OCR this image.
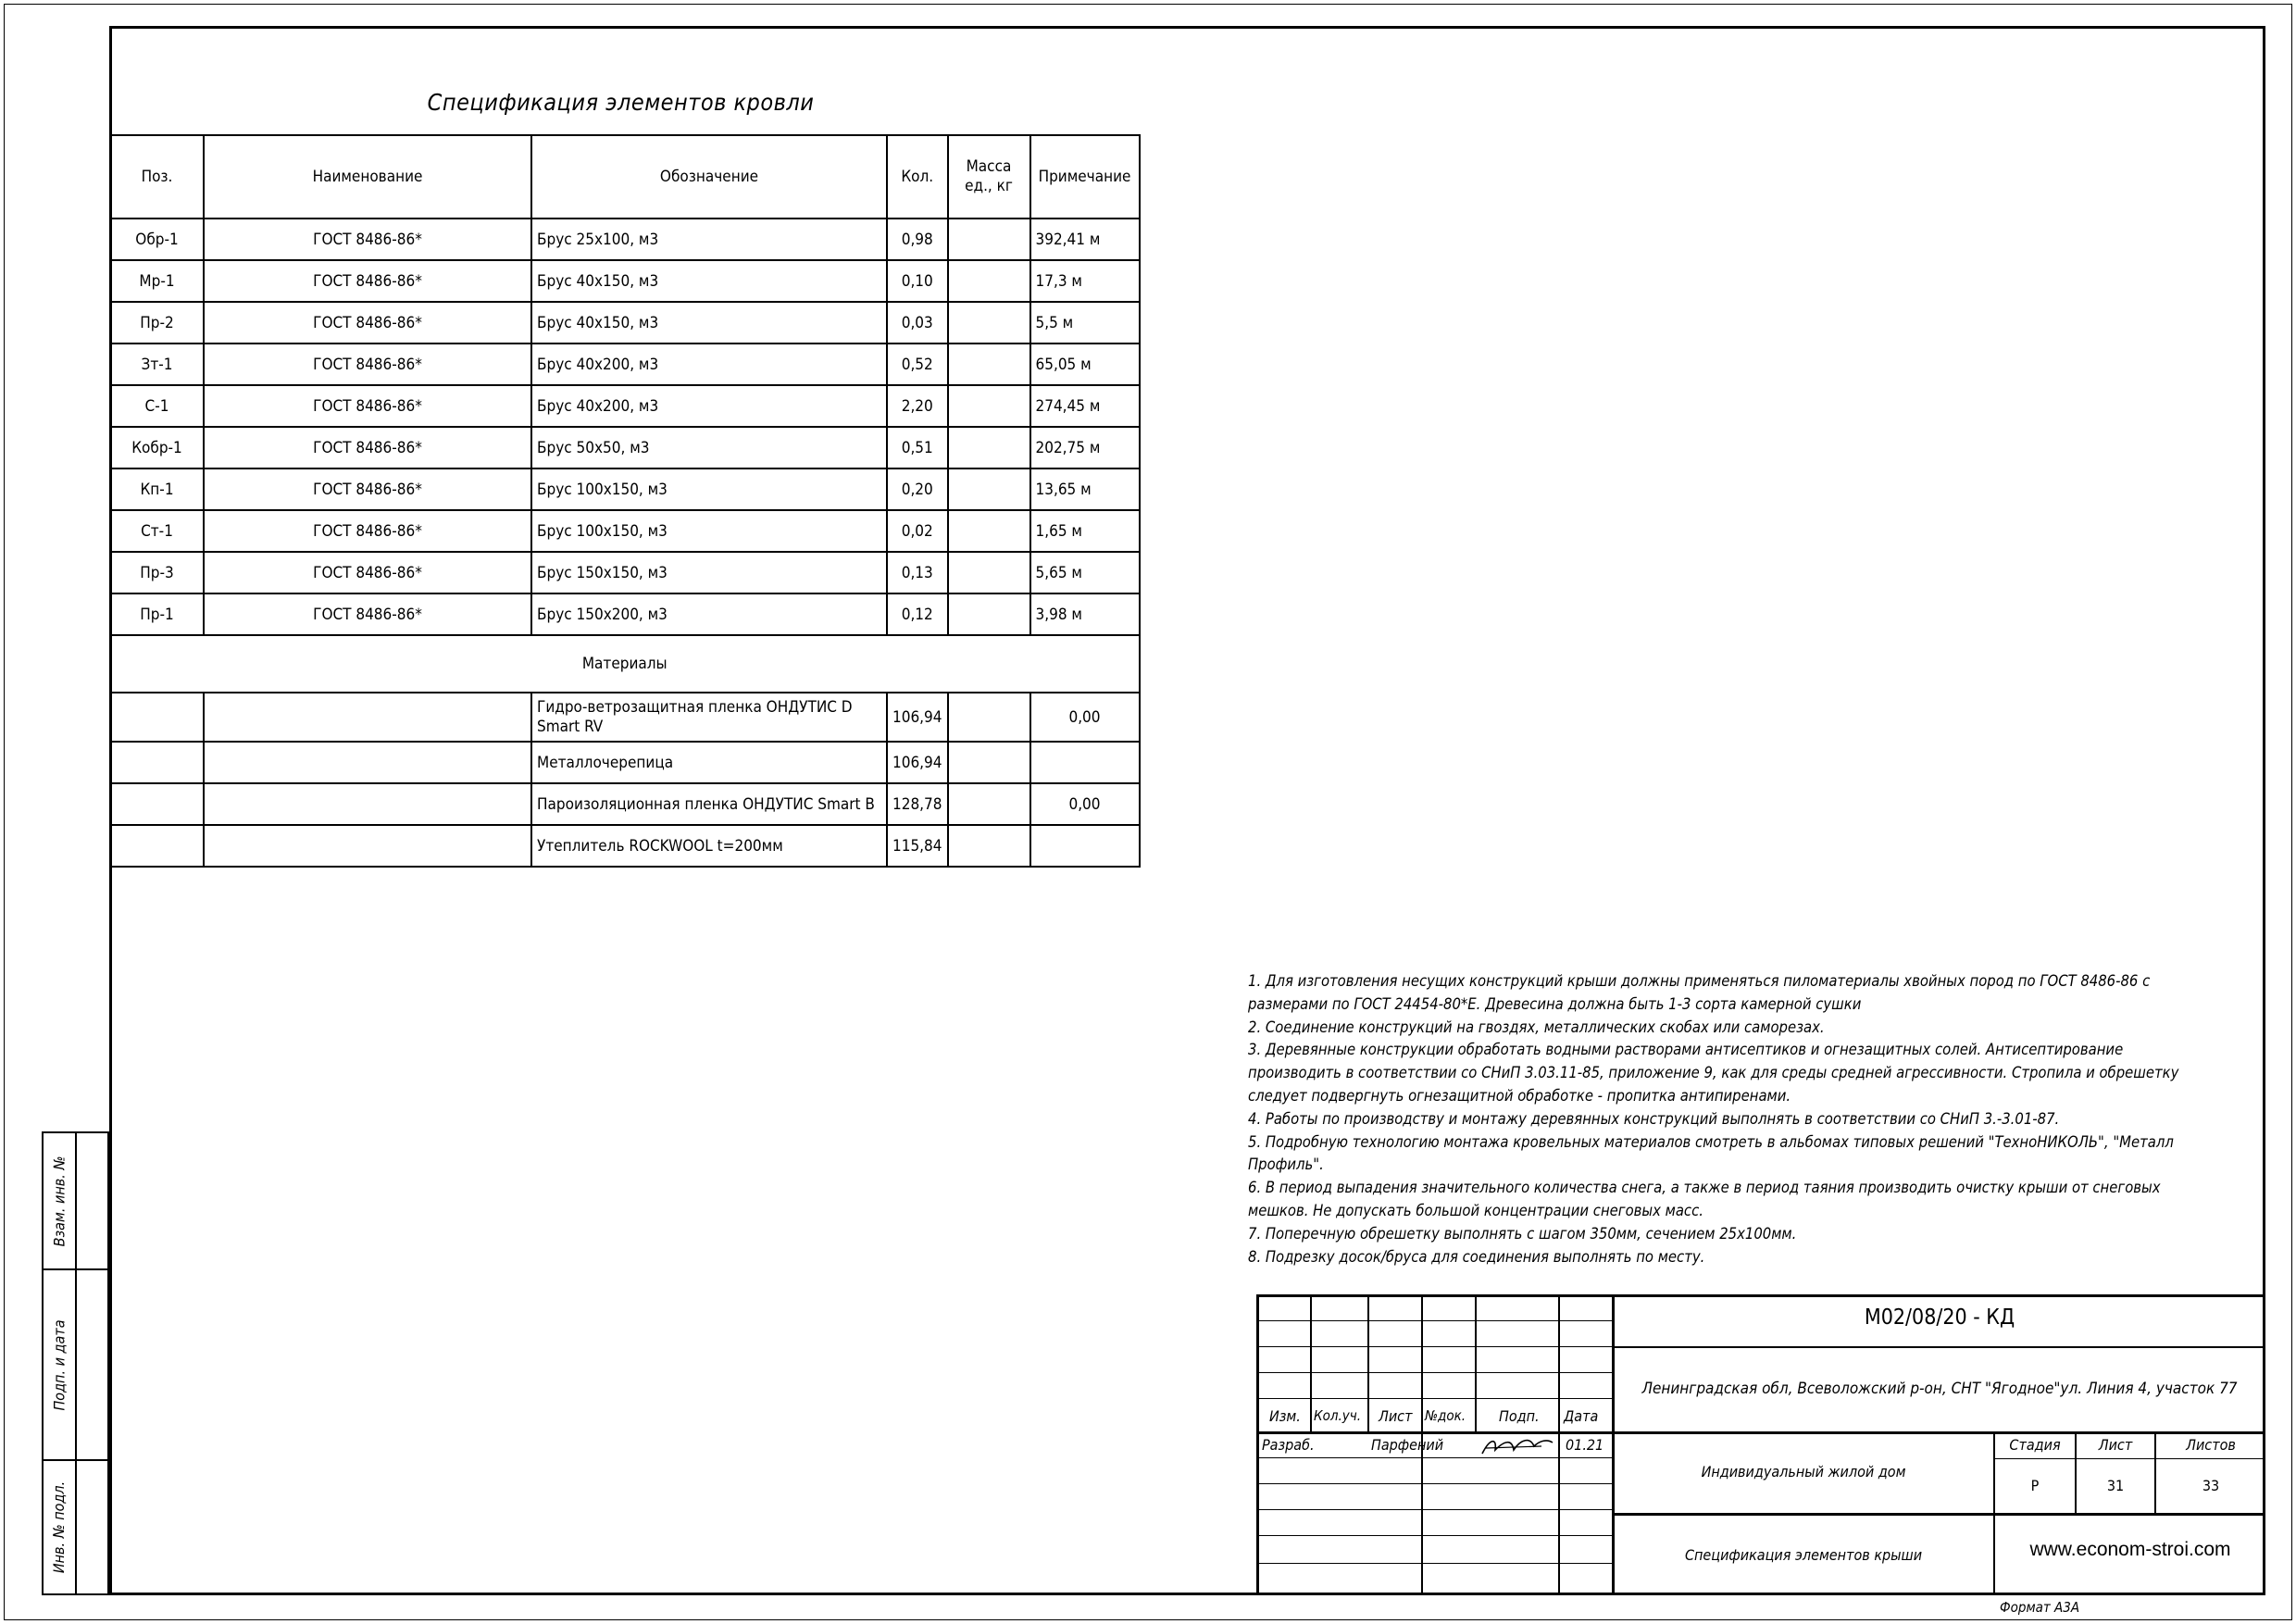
Спецификация элементов кровли
Поз.	Наименование	Обозначение	Кол.	Масса ед., кг	Примечание
Обр-1	ГОСТ 8486-86*	Брус 25х100, м3	0,98		392,41 м
Мр-1	ГОСТ 8486-86*	Брус 40х150, м3	0,10		17,3 м
Пр-2	ГОСТ 8486-86*	Брус 40х150, м3	0,03		5,5 м
Зт-1	ГОСТ 8486-86*	Брус 40х200, м3	0,52		65,05 м
С-1	ГОСТ 8486-86*	Брус 40х200, м3	2,20		274,45 м
Кобр-1	ГОСТ 8486-86*	Брус 50х50, м3	0,51		202,75 м
Кп-1	ГОСТ 8486-86*	Брус 100х150, м3	0,20		13,65 м
Ст-1	ГОСТ 8486-86*	Брус 100х150, м3	0,02		1,65 м
Пр-3	ГОСТ 8486-86*	Брус 150х150, м3	0,13		5,65 м
Пр-1	ГОСТ 8486-86*	Брус 150х200, м3	0,12		3,98 м
Материалы					
		Гидро-ветрозащитная пленка ОНДУТИС D Smart RV	106,94		0,00
		Металлочерепица	106,94		
		Пароизоляционная пленка ОНДУТИС Smart B	128,78		0,00
		Утеплитель ROCKWOOL t=200мм	115,84		
1. Для изготовления несущих конструкций крыши должны применяться пиломатериалы хвойных пород по ГОСТ 8486-86 с
размерами по ГОСТ 24454-80*Е. Древесина должна быть 1-3 сорта камерной сушки
2. Соединение конструкций на гвоздях, металлических скобах или саморезах.
3. Деревянные конструкции обработать водными растворами антисептиков и огнезащитных солей. Антисептирование
производить в соответствии со СНиП 3.03.11-85, приложение 9, как для среды средней агрессивности. Стропила и обрешетку
следует подвергнуть огнезащитной обработке - пропитка антипиренами.
4. Работы по производству и монтажу деревянных конструкций выполнять в соответствии со СНиП 3.-3.01-87.
5. Подробную технологию монтажа кровельных материалов смотреть в альбомах типовых решений "ТехноНИКОЛЬ", "Металл
Профиль".
6. В период выпадения значительного количества снега, а также в период таяния производить очистку крыши от снеговых
мешков. Не допускать большой концентрации снеговых масс.
7. Поперечную обрешетку выполнять с шагом 350мм, сечением 25х100мм.
8. Подрезку досок/бруса для соединения выполнять по месту.
Взам. инв. №
Подп. и дата
Инв. № подл.
Изм. Кол.уч. Лист №док. Подп. Дата
Разраб.	Парфений	01.21
М02/08/20 - КД
Ленинградская обл, Всеволожский р-он, СНТ "Ягодное"ул. Линия 4, участок 77
Индивидуальный жилой дом
Стадия	Лист	Листов
Р	31	33
Спецификация элементов крыши	www.econom-stroi.com
Формат А3А
